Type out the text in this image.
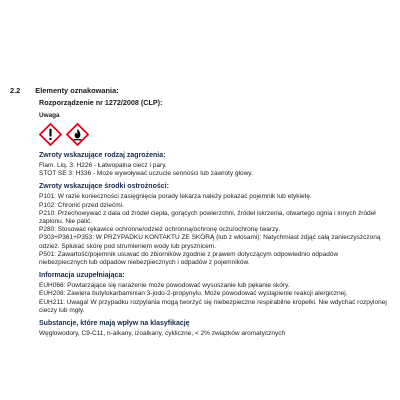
2.2 Elementy oznakowania:
Rozporządzenie nr 1272/2008 (CLP):
Uwaga
Zwroty wskazujące rodzaj zagrożenia:
Flam. Liq. 3: H226 - Łatwopalna ciecz i pary.
STOT SE 3: H336 - Może wywoływać uczucie senności lub zawroty głowy.
Zwroty wskazujące środki ostrożności:
P101: W razie konieczności zasięgnięcia porady lekarza należy pokazać pojemnik lub etykietę.
P102: Chronić przed dziećmi.
P210: Przechowywać z dala od źródeł ciepła, gorących powierzchni, źródeł iskrzenia, otwartego ognia i innych źródeł zapłonu. Nie palić.
P280: Stosować rękawice ochronne/odzież ochronną/ochronę oczu/ochronę twarzy.
P303+P361+P353: W PRZYPADKU KONTAKTU ZE SKÓRĄ (lub z włosami): Natychmiast zdjąć całą zanieczyszczoną odzież. Spłukać skórę pod strumieniem wody lub prysznicem.
P501: Zawartość/pojemnik usuwać do zbiorników zgodnie z prawem dotyczącym odpowiednio odpadów niebezpiecznych lub odpadów niebezpiecznych i odpadów z pojemników.
Informacja uzupełniająca:
EUH066: Powtarzające się narażenie może powodować wysuszanie lub pękanie skóry.
EUH208: Zawiera butylokarbaminian 3-jodo-2-propynylu. Może powodować wystąpienie reakcji alergicznej.
EUH211: Uwaga! W przypadku rozpylania mogą tworzyć się niebezpieczne respirabilne kropelki. Nie wdychać rozpylonej cieczy lub mgły.
Substancje, które mają wpływ na klasyfikację
Węglowodory, C9-C11, n-alkany, izoalkany, cykliczne, < 2% związków aromatycznych
